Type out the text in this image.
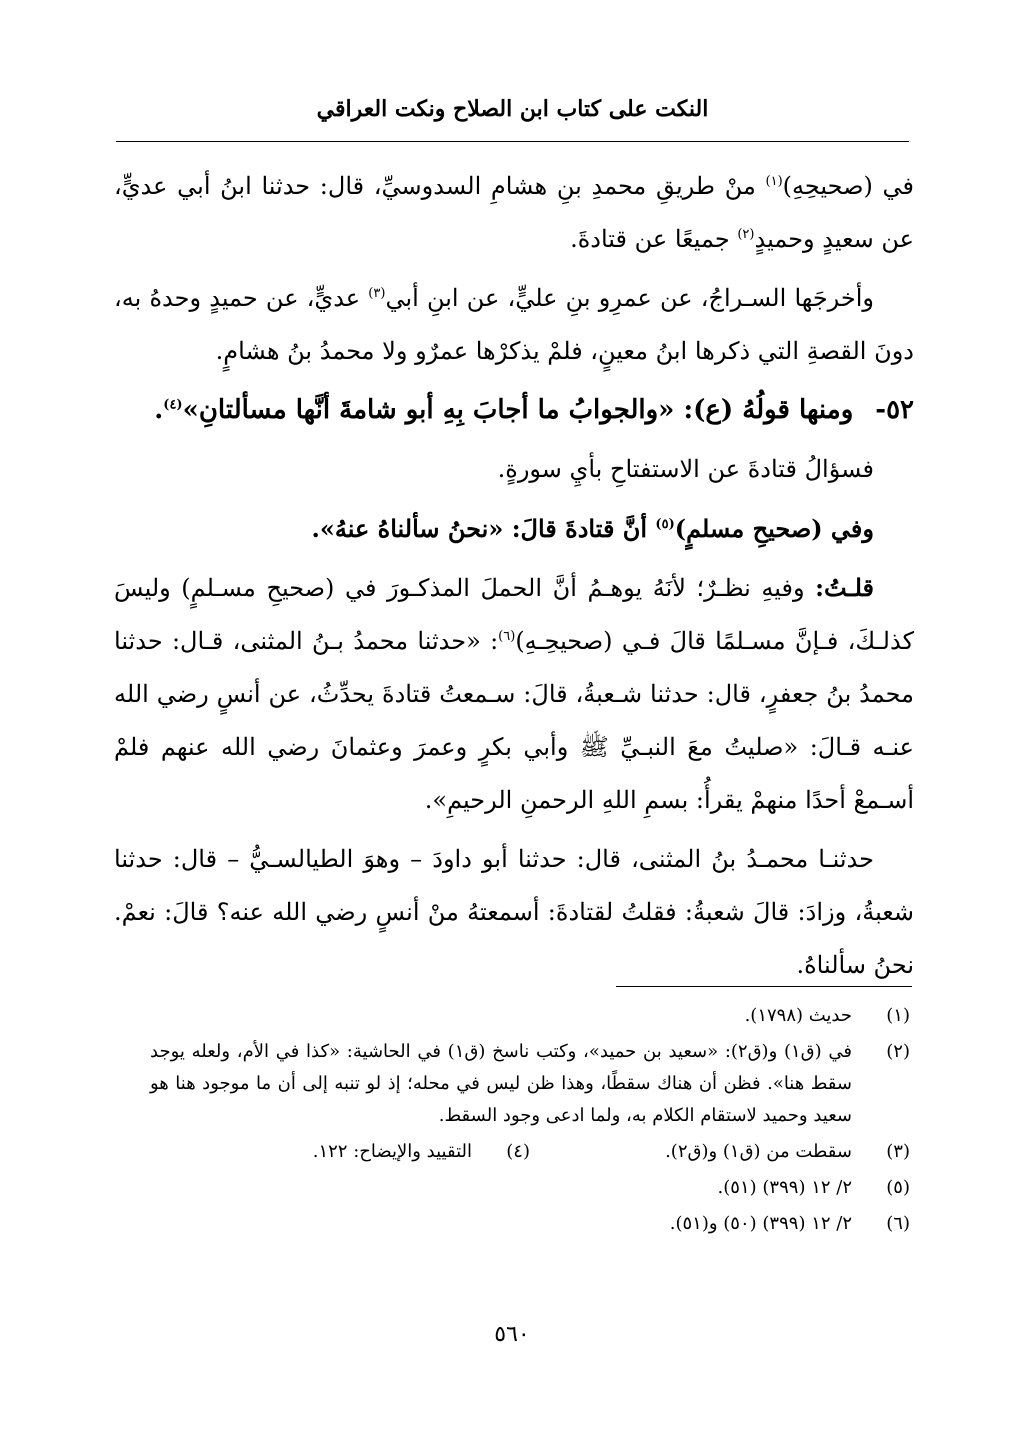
النكت على كتاب ابن الصلاح ونكت العراقي

في (صحيحِهِ)$^{(١)}$ منْ طريقِ محمدِ بنِ هشامِ السدوسيِّ، قال: حدثنا ابنُ أبي عديٍّ، عن سعيدٍ وحميدٍ$^{(٢)}$ جميعًا عن قتادةَ.

وأخرجَها السـراجُ، عن عمرِو بنِ عليٍّ، عن ابنِ أبي$^{(٣)}$ عديٍّ، عن حميدٍ وحدهُ به، دونَ القصةِ التي ذكرها ابنُ معينٍ، فلمْ يذكرْها عمرٌو ولا محمدُ بنُ هشامٍ.

٥٢-ومنها قولُهُ (ع): «والجوابُ ما أجابَ بِهِ أبو شامةَ أنَّها مسألتانِ»$^{(٤)}$.

فسؤالُ قتادةَ عن الاستفتاحِ بأيِ سورةٍ.

وفي (صحيحِ مسلمٍ)$^{(٥)}$ أنَّ قتادةَ قالَ: «نحنُ سألناهُ عنهُ».

قلـتُ: وفيهِ نظـرٌ؛ لأنَهُ يوهـمُ أنَّ الحملَ المذكـورَ في (صحيحِ مسـلمٍ) وليسَ كذلـكَ، فـإنَّ مسـلمًا قالَ فـي (صحيحِـهِ)$^{(٦)}$: «حدثنا محمدُ بـنُ المثنى، قـال: حدثنا محمدُ بنُ جعفرٍ، قال: حدثنا شـعبةُ، قالَ: سـمعتُ قتادةَ يحدِّثُ، عن أنسٍ رضي الله عنـه قـالَ: «صليتُ معَ النبـيِّ ﷺ وأبي بكرٍ وعمرَ وعثمانَ رضي الله عنهم فلمْ أسـمعْ أحدًا منهمْ يقرأُ: بسمِ اللهِ الرحمنِ الرحيمِ».

حدثنـا محمـدُ بنُ المثنى، قال: حدثنا أبو داودَ – وهوَ الطيالسـيُّ – قال: حدثنا شعبةُ، وزادَ: قالَ شعبةُ: فقلتُ لقتادةَ: أسمعتهُ منْ أنسٍ رضي الله عنه؟ قالَ: نعمْ. نحنُ سألناهُ.

(١)
حديث (١٧٩٨).
(٢)
في (ق١) و(ق٢): «سعيد بن حميد»، وكتب ناسخ (ق١) في الحاشية: «كذا في الأم، ولعله يوجد سقط هنا». فظن أن هناك سقطًا، وهذا ظن ليس في محله؛ إذ لو تنبه إلى أن ما موجود هنا هو سعيد وحميد لاستقام الكلام به، ولما ادعى وجود السقط.
(٣)
سقطت من (ق١) و(ق٢).
(٤)
التقييد والإيضاح: ١٢٢.
(٥)
٢/ ١٢ (٣٩٩) (٥١).
(٦)
٢/ ١٢ (٣٩٩) (٥٠) و(٥١).
٥٦٠
